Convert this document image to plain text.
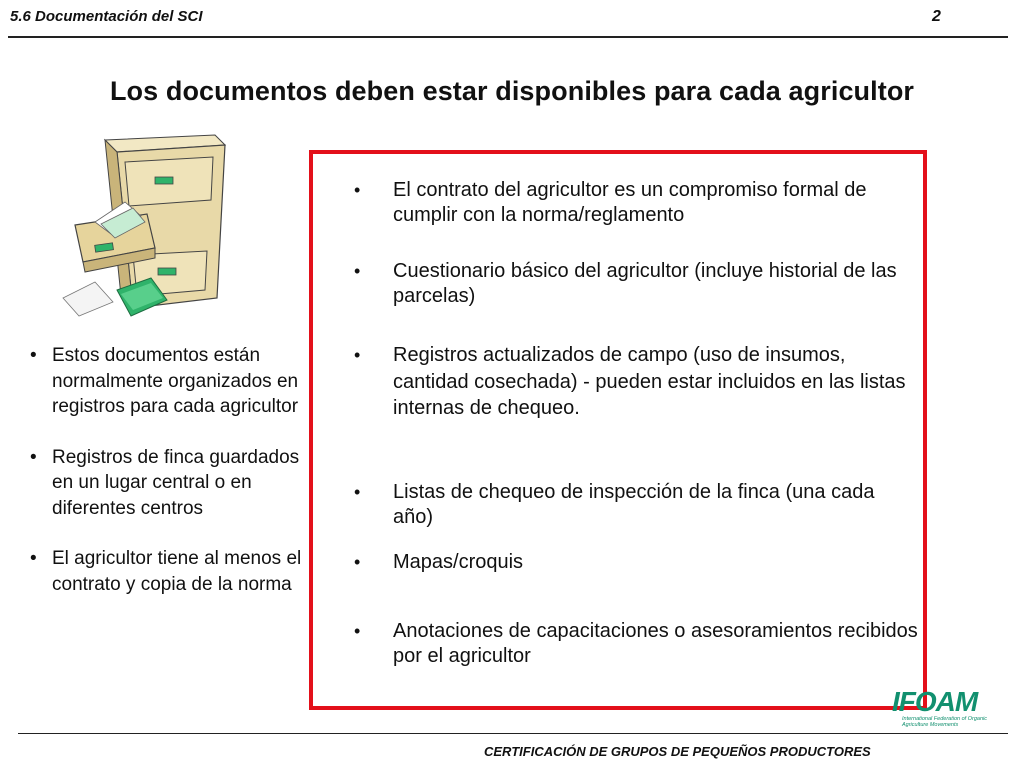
5.6 Documentación del SCI	2
Los documentos deben estar disponibles para cada agricultor
• Estos documentos están normalmente organizados en registros para cada agricultor
• Registros de finca guardados en un lugar central o en diferentes centros
• El agricultor tiene al menos el contrato y copia de la norma
• El contrato del agricultor es un compromiso formal de cumplir con la norma/reglamento
• Cuestionario básico del agricultor (incluye historial de las parcelas)
• Registros actualizados de campo (uso de insumos, cantidad cosechada) - pueden estar incluidos en las listas internas de chequeo.
• Listas de chequeo de inspección de la finca (una cada año)
• Mapas/croquis
• Anotaciones de capacitaciones o asesoramientos recibidos por el agricultor
IFOAM
International Federation of Organic Agriculture Movements
CERTIFICACIÓN DE GRUPOS DE PEQUEÑOS PRODUCTORES
